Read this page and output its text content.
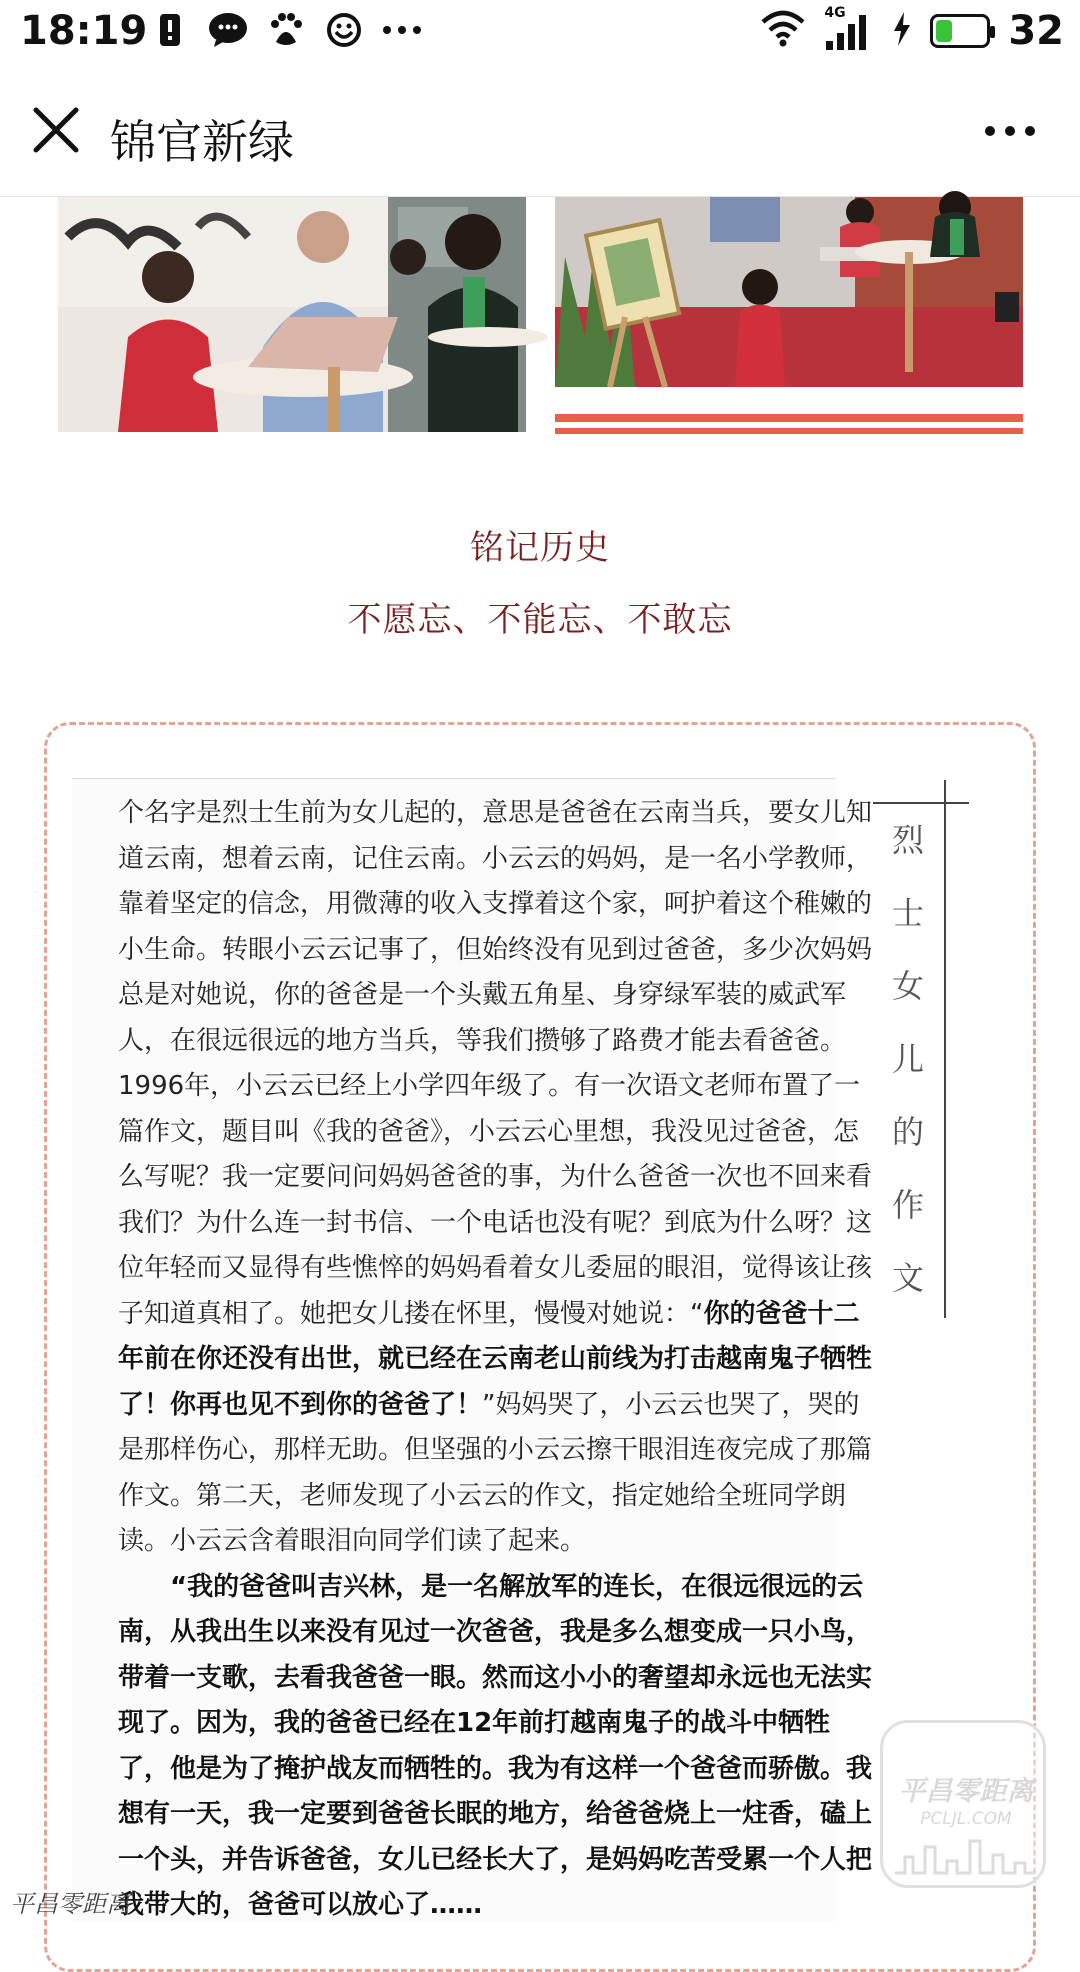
18:19	4G	32
锦官新绿
铭记历史
不愿忘、不能忘、不敢忘

个名字是烈士生前为女儿起的，意思是爸爸在云南当兵，要女儿知道云南，想着云南，记住云南。小云云的妈妈，是一名小学教师，靠着坚定的信念，用微薄的收入支撑着这个家，呵护着这个稚嫩的小生命。转眼小云云记事了，但始终没有见到过爸爸，多少次妈妈总是对她说，你的爸爸是一个头戴五角星、身穿绿军装的威武军人，在很远很远的地方当兵，等我们攒够了路费才能去看爸爸。1996年，小云云已经上小学四年级了。有一次语文老师布置了一篇作文，题目叫《我的爸爸》，小云云心里想，我没见过爸爸，怎么写呢？我一定要问问妈妈爸爸的事，为什么爸爸一次也不回来看我们？为什么连一封书信、一个电话也没有呢？到底为什么呀？这位年轻而又显得有些憔悴的妈妈看着女儿委屈的眼泪，觉得该让孩子知道真相了。她把女儿搂在怀里，慢慢对她说：“你的爸爸十二年前在你还没有出世，就已经在云南老山前线为打击越南鬼子牺牲了！你再也见不到你的爸爸了！”妈妈哭了，小云云也哭了，哭的是那样伤心，那样无助。但坚强的小云云擦干眼泪连夜完成了那篇作文。第二天，老师发现了小云云的作文，指定她给全班同学朗读。小云云含着眼泪向同学们读了起来。

“我的爸爸叫吉兴林，是一名解放军的连长，在很远很远的云南，从我出生以来没有见过一次爸爸，我是多么想变成一只小鸟，带着一支歌，去看我爸爸一眼。然而这小小的奢望却永远也无法实现了。因为，我的爸爸已经在12年前打越南鬼子的战斗中牺牲了，他是为了掩护战友而牺牲的。我为有这样一个爸爸而骄傲。我想有一天，我一定要到爸爸长眠的地方，给爸爸烧上一炷香，磕上一个头，并告诉爸爸，女儿已经长大了，是妈妈吃苦受累一个人把我带大的，爸爸可以放心了……

烈
士
女
儿
的
作
文
平昌零距离
PCLJL.COM
平昌零距离
